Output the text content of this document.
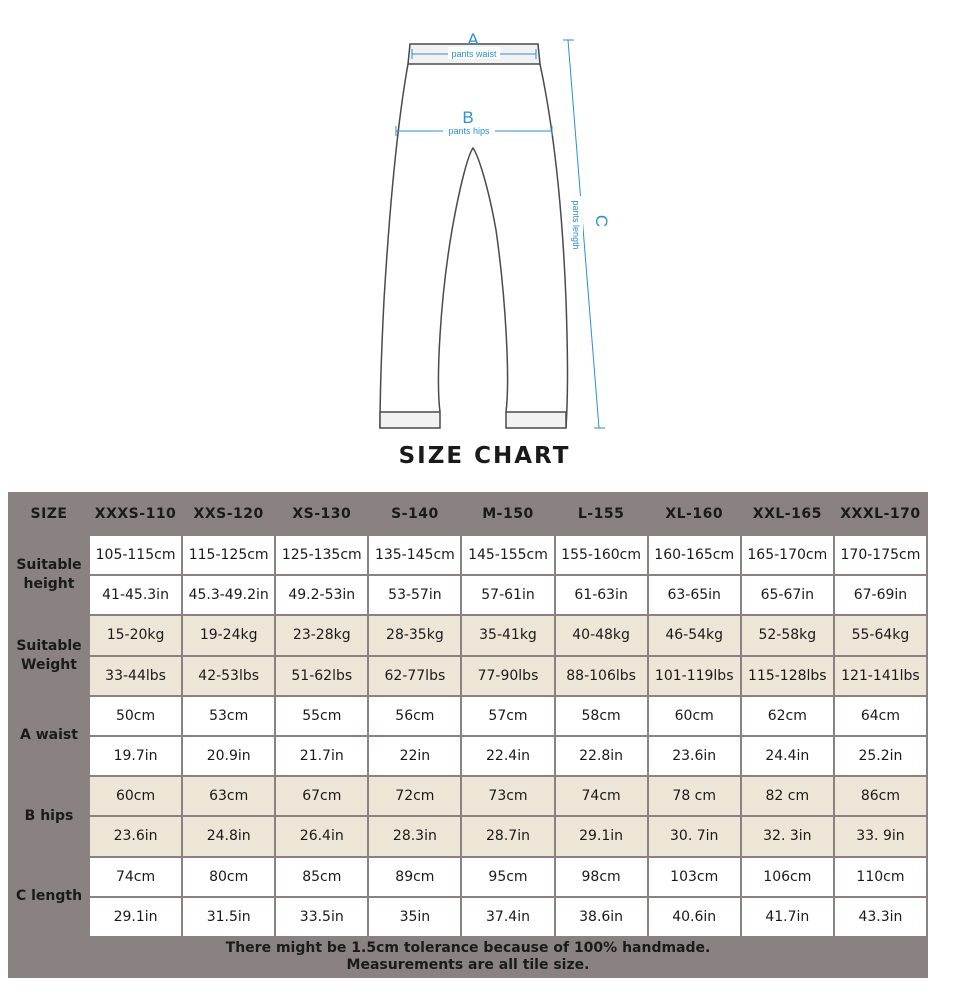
A
pants waist
B
pants hips
pants length C
SIZE CHART
SIZE	XXXS-110	XXS-120	XS-130	S-140	M-150	L-155	XL-160	XXL-165	XXXL-170
Suitable height	105-115cm	115-125cm	125-135cm	135-145cm	145-155cm	155-160cm	160-165cm	165-170cm	170-175cm
	41-45.3in	45.3-49.2in	49.2-53in	53-57in	57-61in	61-63in	63-65in	65-67in	67-69in
Suitable Weight	15-20kg	19-24kg	23-28kg	28-35kg	35-41kg	40-48kg	46-54kg	52-58kg	55-64kg
	33-44lbs	42-53lbs	51-62lbs	62-77lbs	77-90lbs	88-106lbs	101-119lbs	115-128lbs	121-141lbs
A waist	50cm	53cm	55cm	56cm	57cm	58cm	60cm	62cm	64cm
	19.7in	20.9in	21.7in	22in	22.4in	22.8in	23.6in	24.4in	25.2in
B hips	60cm	63cm	67cm	72cm	73cm	74cm	78 cm	82 cm	86cm
	23.6in	24.8in	26.4in	28.3in	28.7in	29.1in	30. 7in	32. 3in	33. 9in
C length	74cm	80cm	85cm	89cm	95cm	98cm	103cm	106cm	110cm
	29.1in	31.5in	33.5in	35in	37.4in	38.6in	40.6in	41.7in	43.3in
There might be 1.5cm tolerance because of 100% handmade.
Measurements are all tile size.									
